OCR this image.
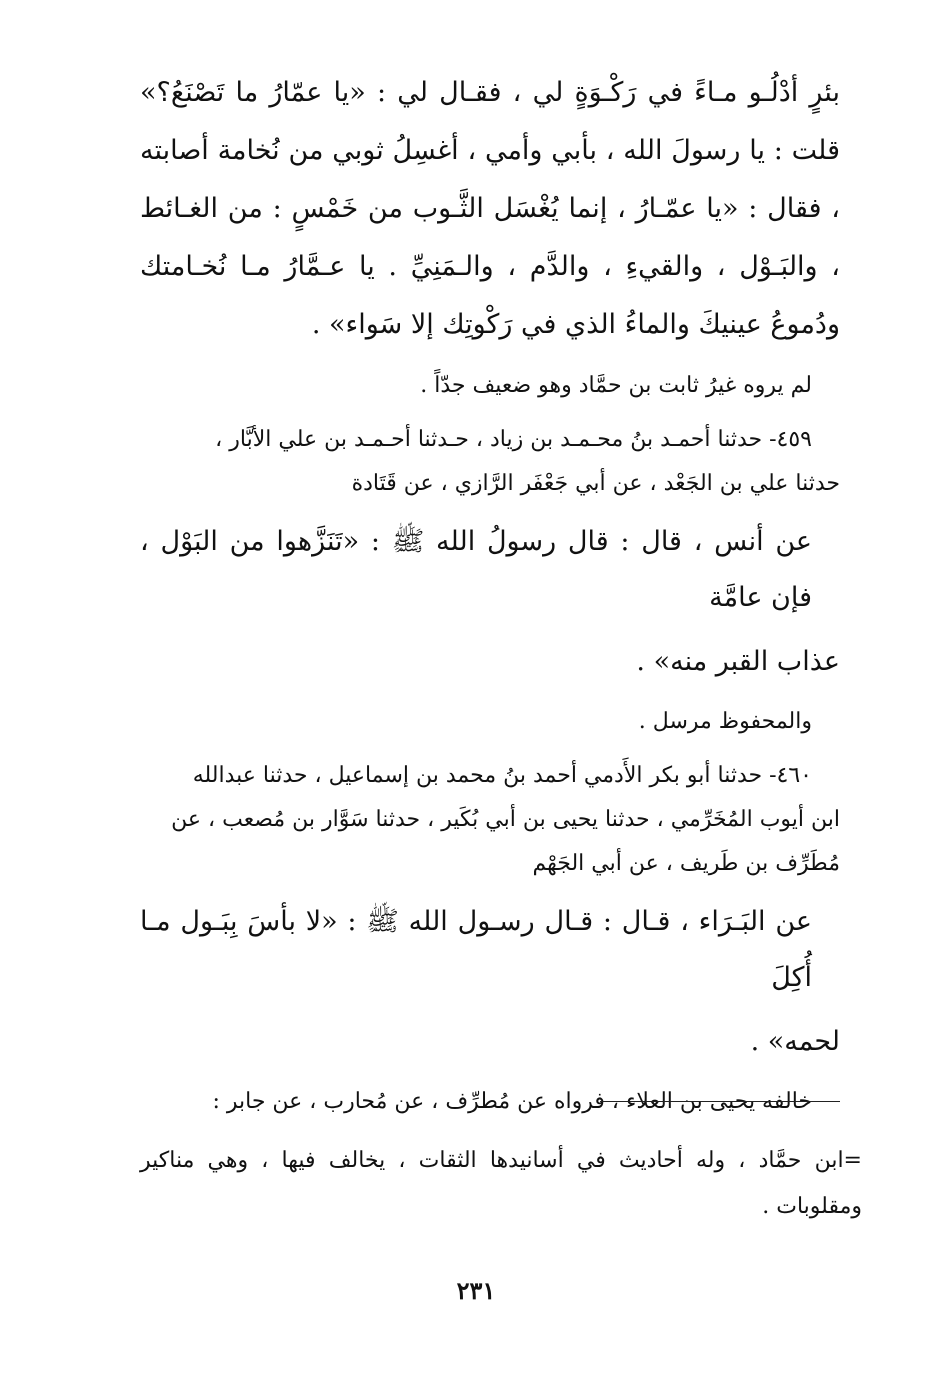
بئرٍ أدْلُـو مـاءً في رَكْـوَةٍ لي ، فقـال لي : «يا عمّارُ ما تَصْنَعُ؟» قلت : يا رسولَ الله ، بأبي وأمي ، أغسِلُ ثوبي من نُخامة أصابته ، فقال : «يا عمّـارُ ، إنما يُغْسَل الثَّـوب من خَمْسٍ : من الغـائط ، والبَـوْل ، والقيءِ ، والدَّم ، والـمَنِيِّ . يا عـمَّارُ مـا نُخـامتك ودُموعُ عينيكَ والماءُ الذي في رَكْوتِك إلا سَواء» .

لم يروه غيرُ ثابت بن حمَّاد وهو ضعيف جدّاً .

٤٥٩- حدثنا أحمـد بنُ محـمـد بن زياد ، حـدثنا أحـمـد بن علي الأبَّار ،

حدثنا علي بن الجَعْد ، عن أبي جَعْفَر الرَّازي ، عن قَتَادة

عن أنس ، قال : قال رسولُ الله ﷺ : «تَنَزَّهوا من البَوْل ، فإن عامَّة

عذاب القبر منه» .

والمحفوظ مرسل .

٤٦٠- حدثنا أبو بكر الأَدمي أحمد بنُ محمد بن إسماعيل ، حدثنا عبدالله

ابن أيوب المُخَرِّمي ، حدثنا يحيى بن أبي بُكَير ، حدثنا سَوَّار بن مُصعب ، عن

مُطَرِّف بن طَريف ، عن أبي الجَهْم

عن البَـرَاء ، قـال : قـال رسـول الله ﷺ : «لا بأسَ بِبَـول مـا أُكِلَ

لحمه» .

خالفه يحيى بن العلاء ، فرواه عن مُطرِّف ، عن مُحارب ، عن جابر :

=ابن حمَّاد ، وله أحاديث في أسانيدها الثقات ، يخالف فيها ، وهي مناكير ومقلوبات .

٢٣١
